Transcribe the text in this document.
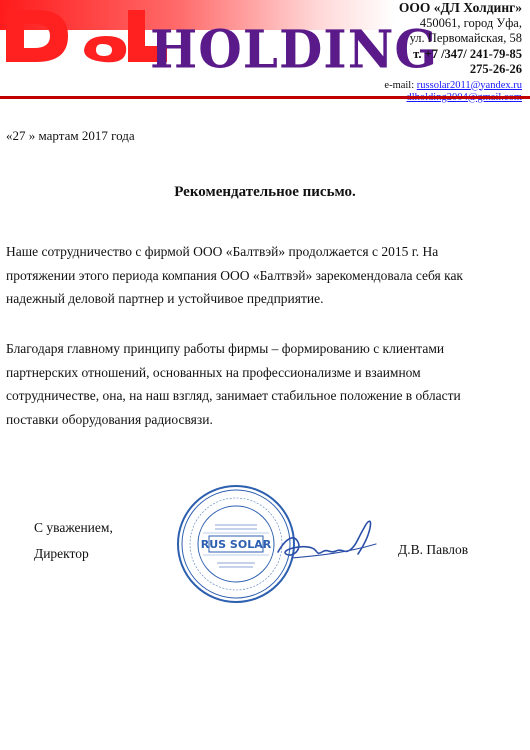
HOLDING
ООО «ДЛ Холдинг»
450061, город Уфа,
ул. Первомайская, 58
т. +7 /347/ 241-79-85
275-26-26
e-mail: russolar2011@yandex.ru
«27 » мартам 2017 года
Рекомендательное письмо.
Наше сотрудничество с фирмой ООО «Балтвэй» продолжается с 2015 г. На протяжении этого периода компания ООО «Балтвэй» зарекомендовала себя как надежный деловой партнер и устойчивое предприятие.
Благодаря главному принципу работы фирмы – формированию с клиентами партнерских отношений, основанных на профессионализме и взаимном сотрудничестве, она, на наш взгляд, занимает стабильное положение в области поставки оборудования радиосвязи.
С уважением,
Директор	Д.В. Павлов
RUS SOLAR
